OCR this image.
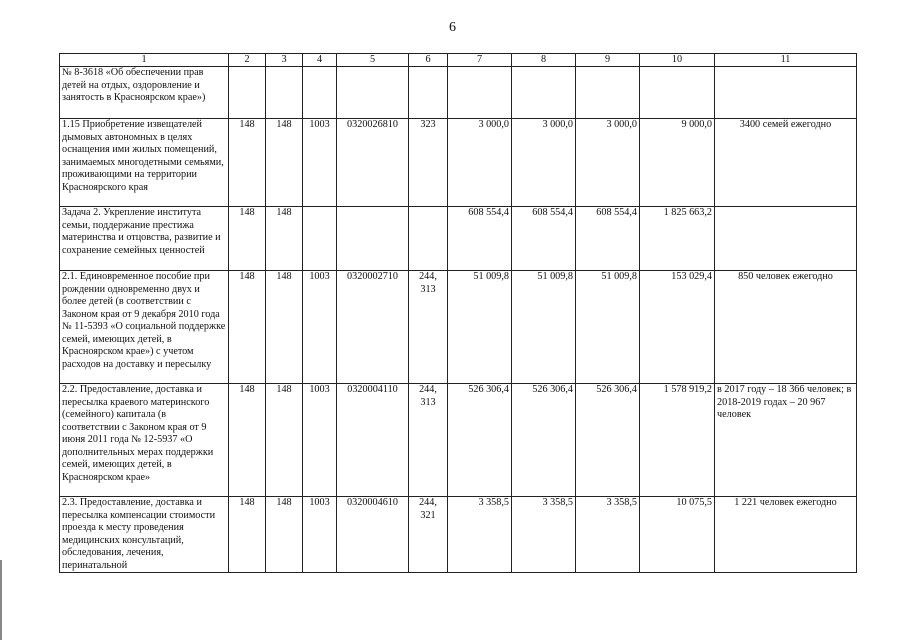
6
1	2	3	4	5	6	7	8	9	10	11
№ 8-3618 «Об обеспечении прав детей на отдых, оздоровление и занятость в Красноярском крае»)										
1.15 Приобретение извещателей дымовых автономных в целях оснащения ими жилых помещений, занимаемых многодетными семьями, проживающими на территории Красноярского края	148	148	1003	0320026810	323	3 000,0	3 000,0	3 000,0	9 000,0	3400 семей ежегодно
Задача 2. Укрепление института семьи, поддержание престижа материнства и отцовства, развитие и сохранение семейных ценностей	148	148				608 554,4	608 554,4	608 554,4	1 825 663,2	
2.1. Единовременное пособие при рождении одновременно двух и более детей (в соответствии с Законом края от 9 декабря 2010 года № 11-5393 «О социальной поддержке семей, имеющих детей, в Красноярском крае») с учетом расходов на доставку и пересылку	148	148	1003	0320002710	244, 313	51 009,8	51 009,8	51 009,8	153 029,4	850 человек ежегодно
2.2. Предоставление, доставка и пересылка краевого материнского (семейного) капитала (в соответствии с Законом края от 9 июня 2011 года № 12-5937 «О дополнительных мерах поддержки семей, имеющих детей, в Красноярском крае»	148	148	1003	0320004110	244, 313	526 306,4	526 306,4	526 306,4	1 578 919,2	в 2017 году – 18 366 человек; в 2018-2019 годах – 20 967 человек
2.3. Предоставление, доставка и пересылка компенсации стоимости проезда к месту проведения медицинских консультаций, обследования, лечения, перинатальной	148	148	1003	0320004610	244, 321	3 358,5	3 358,5	3 358,5	10 075,5	1 221 человек ежегодно
